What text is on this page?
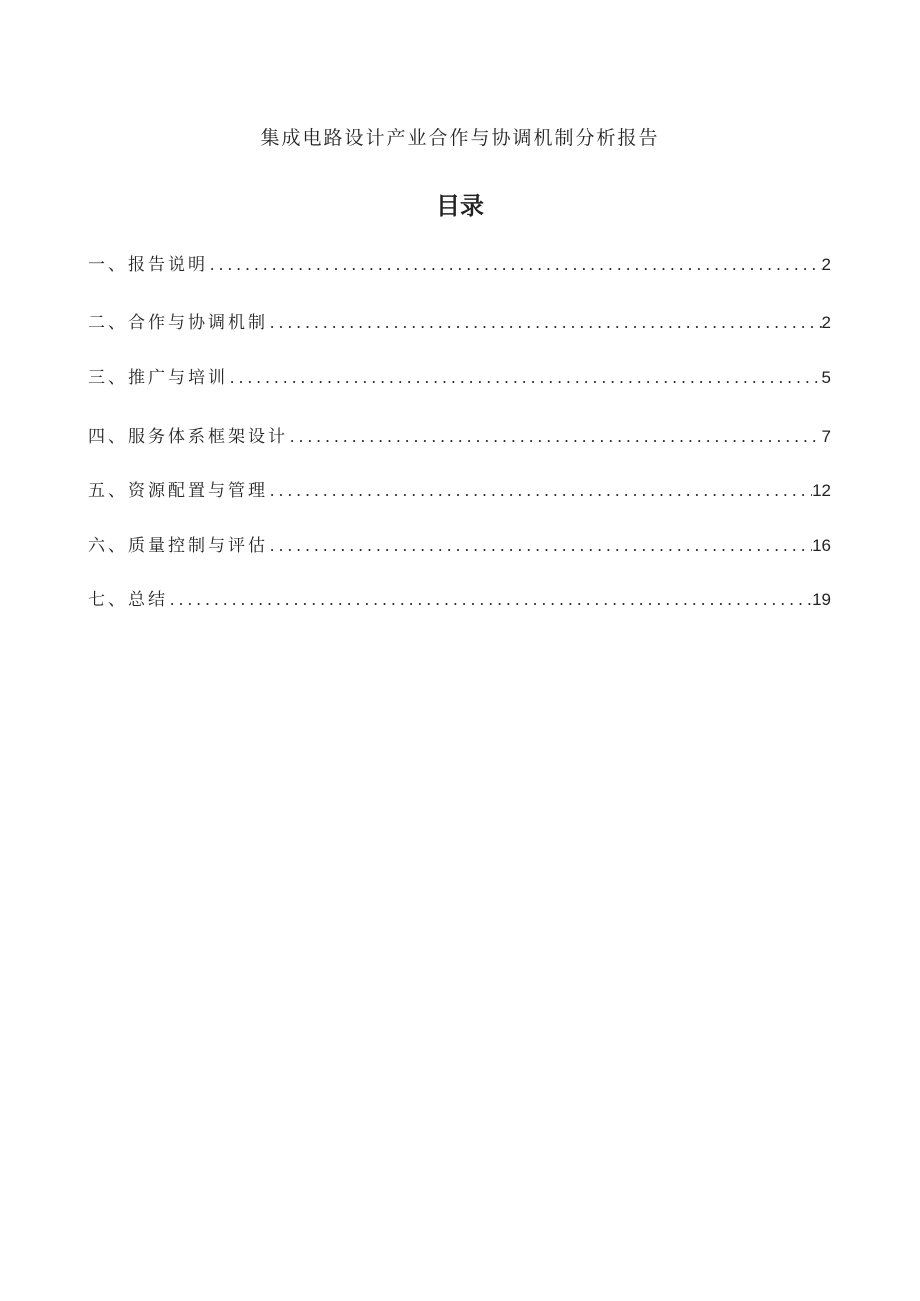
集成电路设计产业合作与协调机制分析报告
目录
一、报告说明 .....	2
二、合作与协调机制 .....	2
三、推广与培训 .....	5
四、服务体系框架设计 .....	7
五、资源配置与管理 .....	12
六、质量控制与评估 .....	16
七、总结 .....	19
